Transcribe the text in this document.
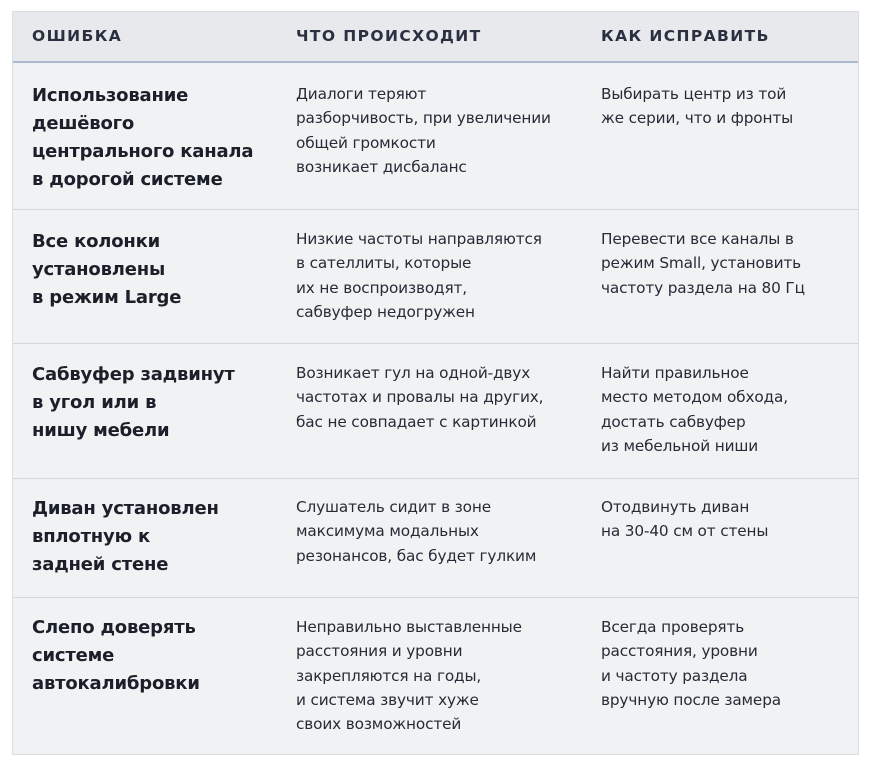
ОШИБКА	ЧТО ПРОИСХОДИТ	КАК ИСПРАВИТЬ
Использование
дешёвого
центрального канала
в дорогой системе
Диалоги теряют
разборчивость, при увеличении
общей громкости
возникает дисбаланс
Выбирать центр из той
же серии, что и фронты
Все колонки
установлены
в режим Large
Низкие частоты направляются
в сателлиты, которые
их не воспроизводят,
сабвуфер недогружен
Перевести все каналы в
режим Small, установить
частоту раздела на 80 Гц
Сабвуфер задвинут
в угол или в
нишу мебели
Возникает гул на одной-двух
частотах и провалы на других,
бас не совпадает с картинкой
Найти правильное
место методом обхода,
достать сабвуфер
из мебельной ниши
Диван установлен
вплотную к
задней стене
Слушатель сидит в зоне
максимума модальных
резонансов, бас будет гулким
Отодвинуть диван
на 30-40 см от стены
Слепо доверять
системе
автокалибровки
Неправильно выставленные
расстояния и уровни
закрепляются на годы,
и система звучит хуже
своих возможностей
Всегда проверять
расстояния, уровни
и частоту раздела
вручную после замера
